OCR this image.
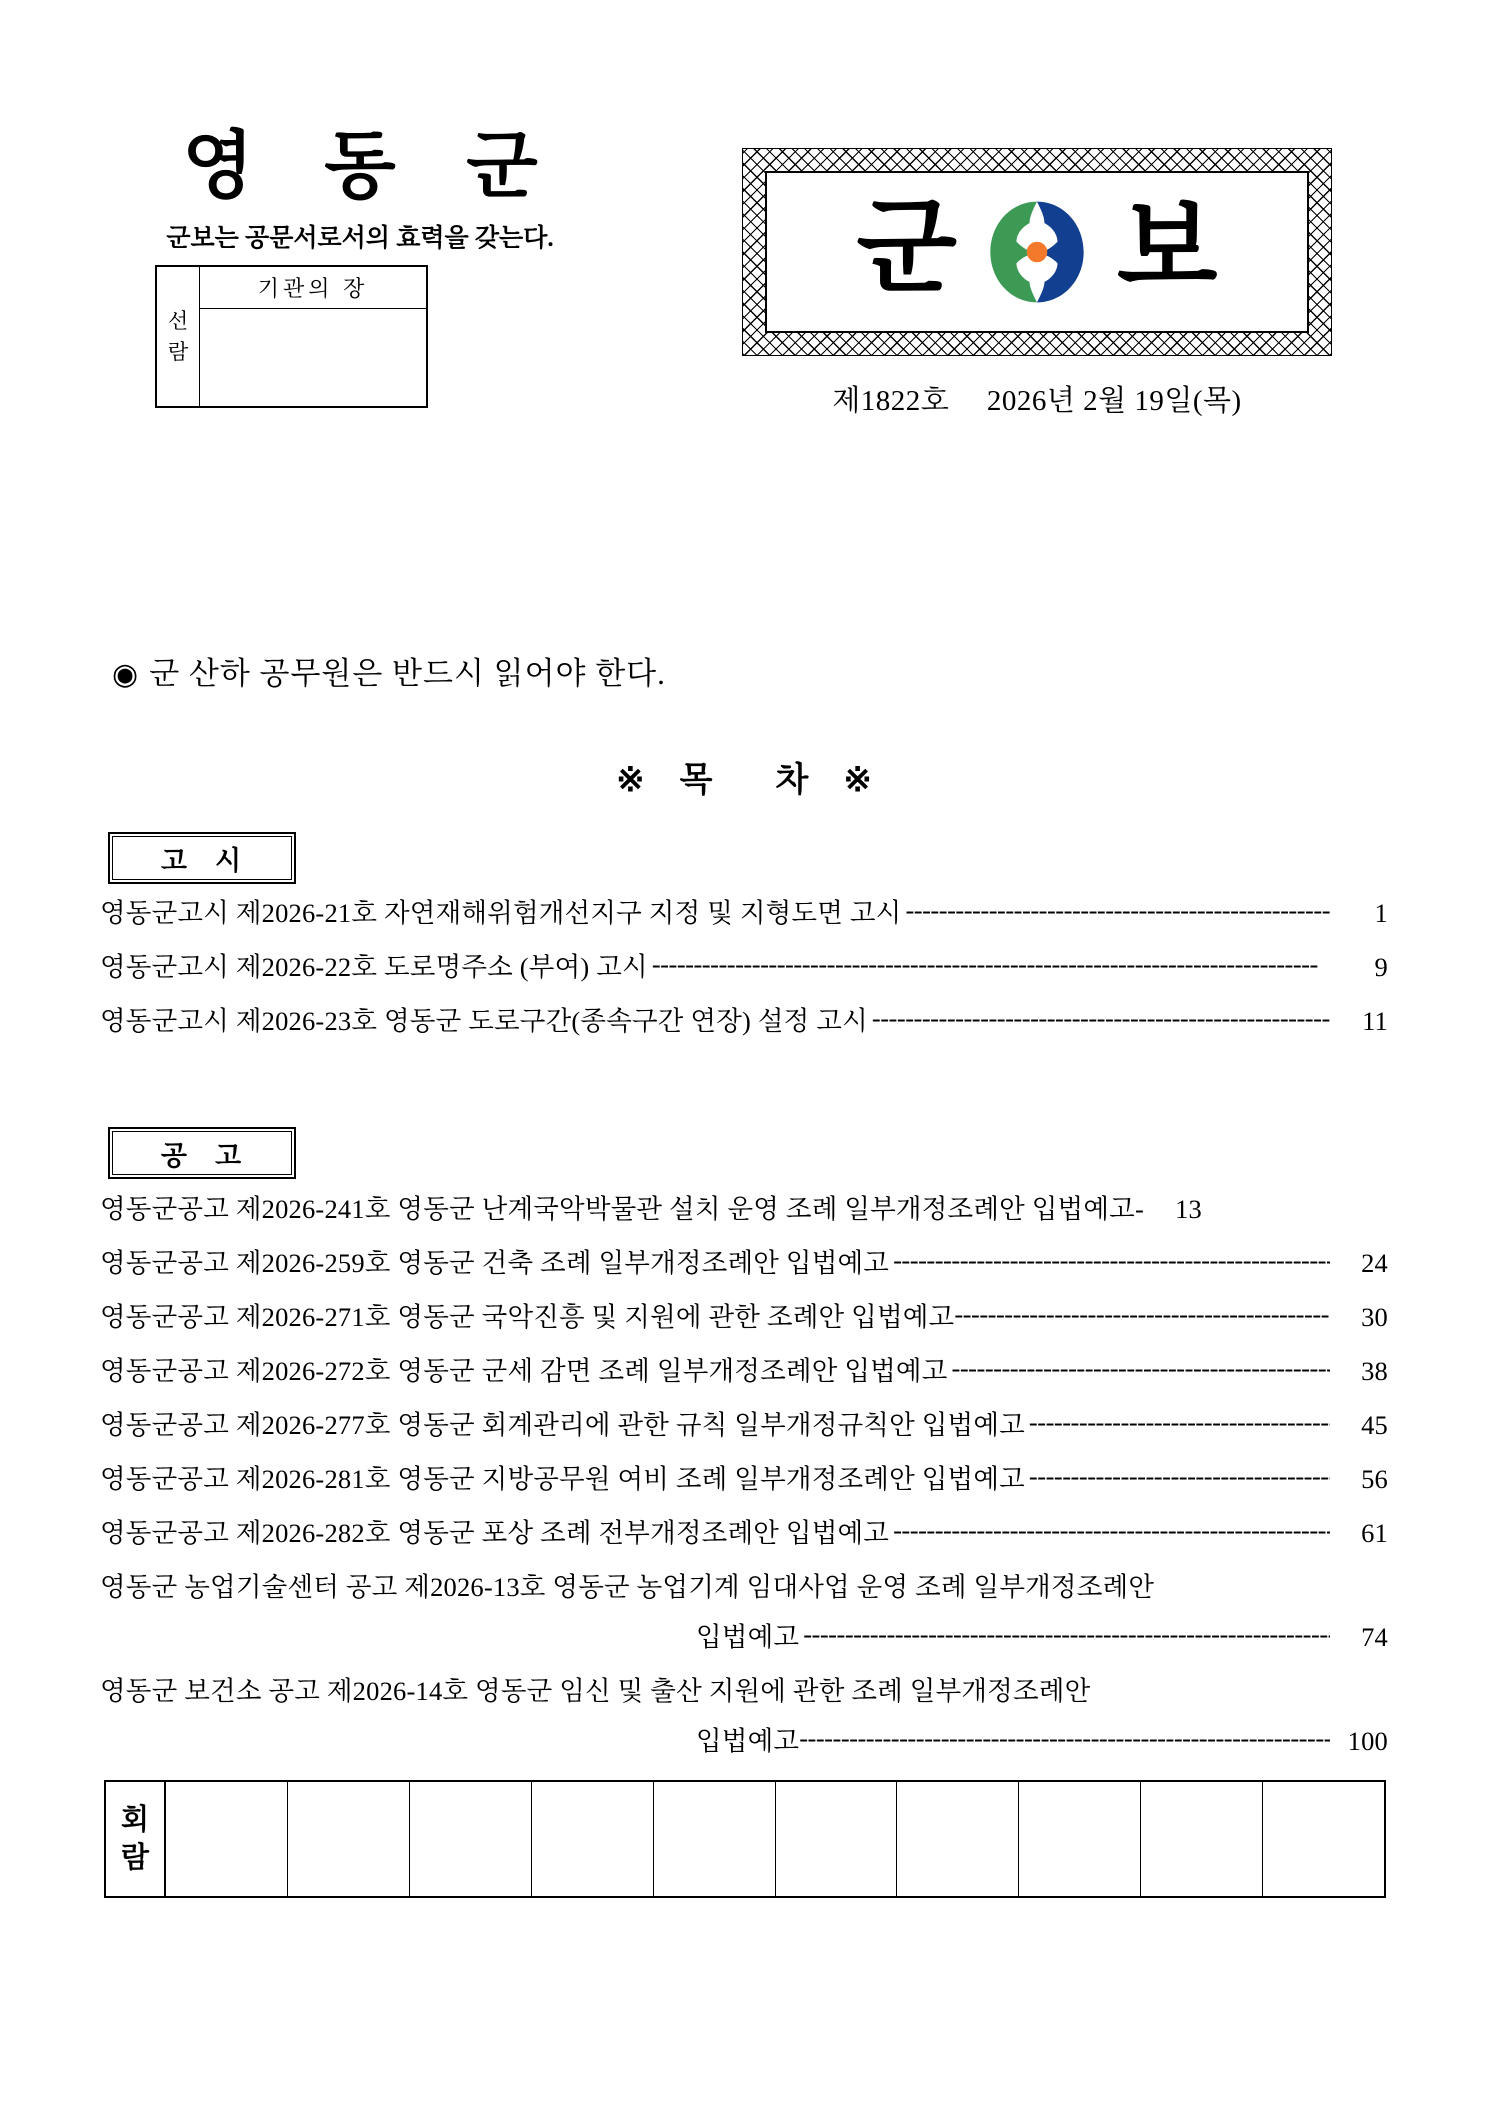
영 동 군
군보는 공문서로서의 효력을 갖는다.
선
람
기관의 장	군 보
제1822호 2026년 2월 19일(목)
◉ 군 산하 공무원은 반드시 읽어야 한다.
※ 목 차 ※
고 시
영동군고시 제2026-21호 자연재해위험개선지구 지정 및 지형도면 고시 -----	1
영동군고시 제2026-22호 도로명주소 (부여) 고시 -----	9
영동군고시 제2026-23호 영동군 도로구간(종속구간 연장) 설정 고시 -----	11
공 고
영동군공고 제2026-241호 영동군 난계국악박물관 설치 운영 조례 일부개정조례안 입법예고-	13
영동군공고 제2026-259호 영동군 건축 조례 일부개정조례안 입법예고 -----	24
영동군공고 제2026-271호 영동군 국악진흥 및 지원에 관한 조례안 입법예고 -----	30
영동군공고 제2026-272호 영동군 군세 감면 조례 일부개정조례안 입법예고 -----	38
영동군공고 제2026-277호 영동군 회계관리에 관한 규칙 일부개정규칙안 입법예고 -----	45
영동군공고 제2026-281호 영동군 지방공무원 여비 조례 일부개정조례안 입법예고 -----	56
영동군공고 제2026-282호 영동군 포상 조례 전부개정조례안 입법예고 -----	61
영동군 농업기술센터 공고 제2026-13호 영동군 농업기계 임대사업 운영 조례 일부개정조례안
입법예고 -----	74
영동군 보건소 공고 제2026-14호 영동군 임신 및 출산 지원에 관한 조례 일부개정조례안
입법예고 -----	100
회
람
